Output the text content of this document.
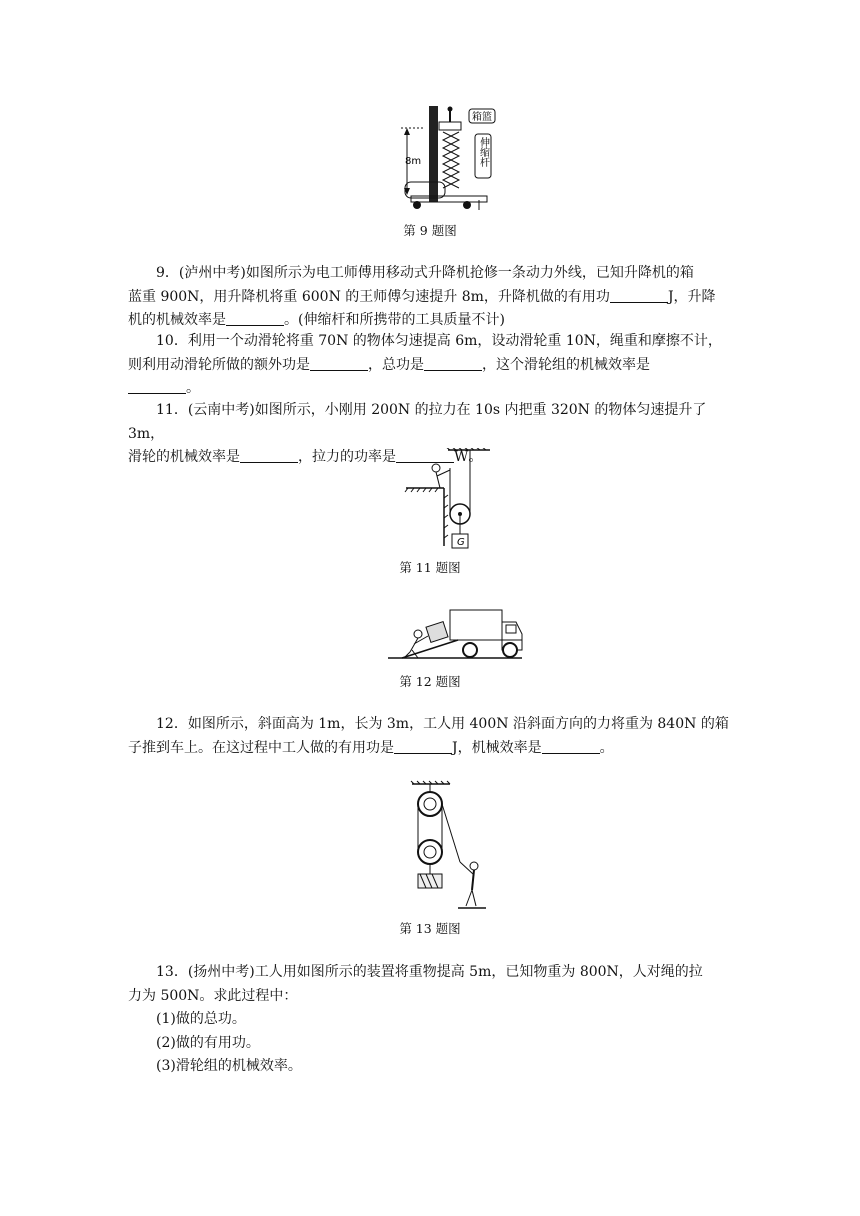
8m
箱篮
伸缩杆
第 9 题图

9．(泸州中考)如图所示为电工师傅用移动式升降机抢修一条动力外线，已知升降机的箱
蓝重 900N，用升降机将重 600N 的王师傅匀速提升 8m，升降机做的有用功	J，升降
机的机械效率是	。(伸缩杆和所携带的工具质量不计)

10．利用一个动滑轮将重 70N 的物体匀速提高 6m，设动滑轮重 10N，绳重和摩擦不计，
则利用动滑轮所做的额外功是	，总功是	，这个滑轮组的机械效率是
。

11．(云南中考)如图所示，小刚用 200N 的拉力在 10s 内把重 320N 的物体匀速提升了 3m，
滑轮的机械效率是	，拉力的功率是	W。

G
第 11 题图
第 12 题图

12．如图所示，斜面高为 1m，长为 3m，工人用 400N 沿斜面方向的力将重为 840N 的箱
子推到车上。在这过程中工人做的有用功是	J，机械效率是	。

第 13 题图

13．(扬州中考)工人用如图所示的装置将重物提高 5m，已知物重为 800N，人对绳的拉
力为 500N。求此过程中：
(1)做的总功。
(2)做的有用功。
(3)滑轮组的机械效率。
